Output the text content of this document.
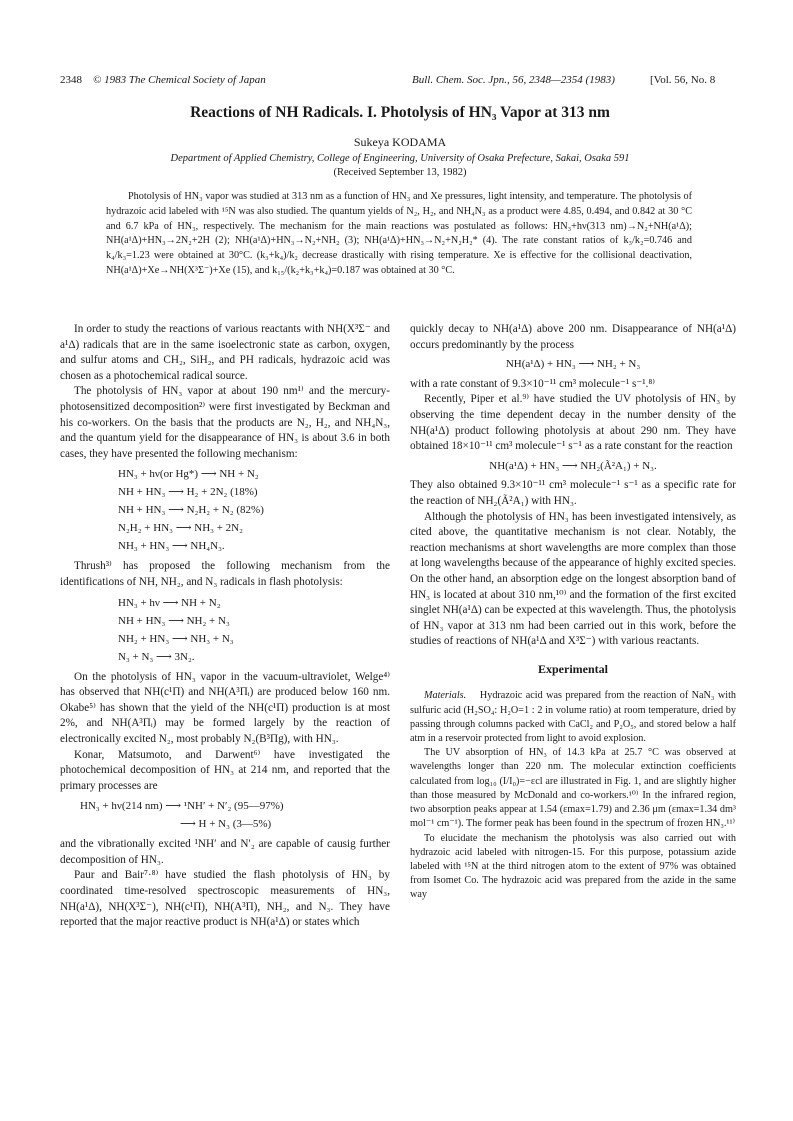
2348 © 1983 The Chemical Society of Japan	Bull. Chem. Soc. Jpn., 56, 2348—2354 (1983)	[Vol. 56, No. 8
Reactions of NH Radicals. I. Photolysis of HN₃ Vapor at 313 nm
Sukeya KODAMA
Department of Applied Chemistry, College of Engineering, University of Osaka Prefecture, Sakai, Osaka 591
(Received September 13, 1982)

Photolysis of HN₃ vapor was studied at 313 nm as a function of HN₃ and Xe pressures, light intensity, and temperature. The photolysis of hydrazoic acid labeled with ¹⁵N was also studied. The quantum yields of N₂, H₂, and NH₄N₃ as a product were 4.85, 0.494, and 0.842 at 30 °C and 6.7 kPa of HN₃, respectively. The mechanism for the main reactions was postulated as follows: HN₃+hν(313 nm)→N₂+NH(a¹Δ); NH(a¹Δ)+HN₃→2N₂+2H (2); NH(a¹Δ)+HN₃→N₂+NH₂ (3); NH(a¹Δ)+HN₃→N₂+N₂H₂* (4). The rate constant ratios of k₃/k₂=0.746 and k₄/k₃=1.23 were obtained at 30°C. (k₃+k₄)/k₂ decrease drastically with rising temperature. Xe is effective for the collisional deactivation, NH(a¹Δ)+Xe→NH(X³Σ⁻)+Xe (15), and k₁₅/(k₂+k₃+k₄)=0.187 was obtained at 30 °C.

In order to study the reactions of various reactants with NH(X³Σ⁻ and a¹Δ) radicals that are in the same isoelectronic state as carbon, oxygen, and sulfur atoms and CH₂, SiH₂, and PH radicals, hydrazoic acid was chosen as a photochemical radical source.

The photolysis of HN₃ vapor at about 190 nm¹⁾ and the mercury-photosensitized decomposition²⁾ were first investigated by Beckman and his co-workers. On the basis that the products are N₂, H₂, and NH₄N₃, and the quantum yield for the disappearance of HN₃ is about 3.6 in both cases, they have presented the following mechanism:

HN₃ + hν(or Hg*) ⟶ NH + N₂
NH + HN₃ ⟶ H₂ + 2N₂ (18%)
NH + HN₃ ⟶ N₂H₂ + N₂ (82%)
N₂H₂ + HN₃ ⟶ NH₃ + 2N₂
NH₃ + HN₃ ⟶ NH₄N₃.

Thrush³⁾ has proposed the following mechanism from the identifications of NH, NH₂, and N₃ radicals in flash photolysis:

HN₃ + hν ⟶ NH + N₂
NH + HN₃ ⟶ NH₂ + N₃
NH₂ + HN₃ ⟶ NH₃ + N₃
N₃ + N₃ ⟶ 3N₂.

On the photolysis of HN₃ vapor in the vacuum-ultraviolet, Welge⁴⁾ has observed that NH(c¹Π) and NH(A³Πᵢ) are produced below 160 nm. Okabe⁵⁾ has shown that the yield of the NH(c¹Π) production is at most 2%, and NH(A³Πᵢ) may be formed largely by the reaction of electronically excited N₂, most probably N₂(B³Πg), with HN₃.

Konar, Matsumoto, and Darwent⁶⁾ have investigated the photochemical decomposition of HN₃ at 214 nm, and reported that the primary processes are

HN₃ + hν(214 nm) ⟶ ¹NH′ + N′₂ (95—97%)
⟶ H + N₃ (3—5%)

and the vibrationally excited ¹NH′ and N′₂ are capable of causig further decomposition of HN₃.

Paur and Bair⁷·⁸⁾ have studied the flash photolysis of HN₃ by coordinated time-resolved spectroscopic measurements of HN₃, NH(a¹Δ), NH(X³Σ⁻), NH(c¹Π), NH(A³Π), NH₂, and N₃. They have reported that the major reactive product is NH(a¹Δ) or states which

quickly decay to NH(a¹Δ) above 200 nm. Disappearance of NH(a¹Δ) occurs predominantly by the process

NH(a¹Δ) + HN₃ ⟶ NH₂ + N₃

with a rate constant of 9.3×10⁻¹¹ cm³ molecule⁻¹ s⁻¹.⁸⁾

Recently, Piper et al.⁹⁾ have studied the UV photolysis of HN₃ by observing the time dependent decay in the number density of the NH(a¹Δ) product following photolysis at about 290 nm. They have obtained 18×10⁻¹¹ cm³ molecule⁻¹ s⁻¹ as a rate constant for the reaction

NH(a¹Δ) + HN₃ ⟶ NH₂(Ã²A₁) + N₃.

They also obtained 9.3×10⁻¹¹ cm³ molecule⁻¹ s⁻¹ as a specific rate for the reaction of NH₂(Ã²A₁) with HN₃.

Although the photolysis of HN₃ has been investigated intensively, as cited above, the quantitative mechanism is not clear. Notably, the reaction mechanisms at short wavelengths are more complex than those at long wavelengths because of the appearance of highly excited species. On the other hand, an absorption edge on the longest absorption band of HN₃ is located at about 310 nm,¹⁰⁾ and the formation of the first excited singlet NH(a¹Δ) can be expected at this wavelength. Thus, the photolysis of HN₃ vapor at 313 nm had been carried out in this work, before the studies of reactions of NH(a¹Δ and X³Σ⁻) with various reactants.

Experimental

Materials. Hydrazoic acid was prepared from the reaction of NaN₃ with sulfuric acid (H₂SO₄: H₂O=1 : 2 in volume ratio) at room temperature, dried by passing through columns packed with CaCl₂ and P₂O₅, and stored below a half atm in a reservoir protected from light to avoid explosion.

The UV absorption of HN₃ of 14.3 kPa at 25.7 °C was observed at wavelengths longer than 220 nm. The molecular extinction coefficients calculated from log₁₀ (I/I₀)=−εcl are illustrated in Fig. 1, and are slightly higher than those measured by McDonald and co-workers.¹⁰⁾ In the infrared region, two absorption peaks appear at 1.54 (εmax=1.79) and 2.36 μm (εmax=1.34 dm³ mol⁻¹ cm⁻¹). The former peak has been found in the spectrum of frozen HN₃.¹¹⁾

To elucidate the mechanism the photolysis was also carried out with hydrazoic acid labeled with nitrogen-15. For this purpose, potassium azide labeled with ¹⁵N at the third nitrogen atom to the extent of 97% was obtained from Isomet Co. The hydrazoic acid was prepared from the azide in the same way
